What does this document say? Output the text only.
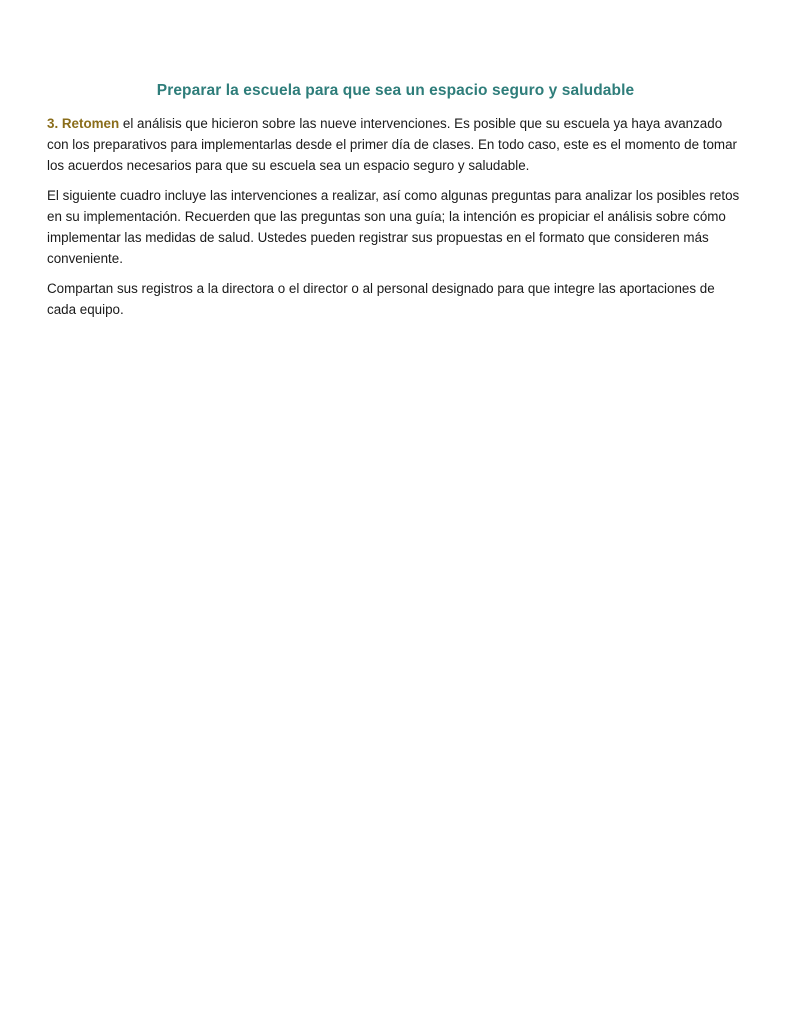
Preparar la escuela para que sea un espacio seguro y saludable

3. Retomen el análisis que hicieron sobre las nueve intervenciones. Es posible que su escuela ya haya avanzado con los preparativos para implementarlas desde el primer día de clases. En todo caso, este es el momento de tomar los acuerdos necesarios para que su escuela sea un espacio seguro y saludable.

El siguiente cuadro incluye las intervenciones a realizar, así como algunas preguntas para analizar los posibles retos en su implementación. Recuerden que las preguntas son una guía; la intención es propiciar el análisis sobre cómo implementar las medidas de salud. Ustedes pueden registrar sus propuestas en el formato que consideren más conveniente.

Compartan sus registros a la directora o el director o al personal designado para que integre las aportaciones de cada equipo.
